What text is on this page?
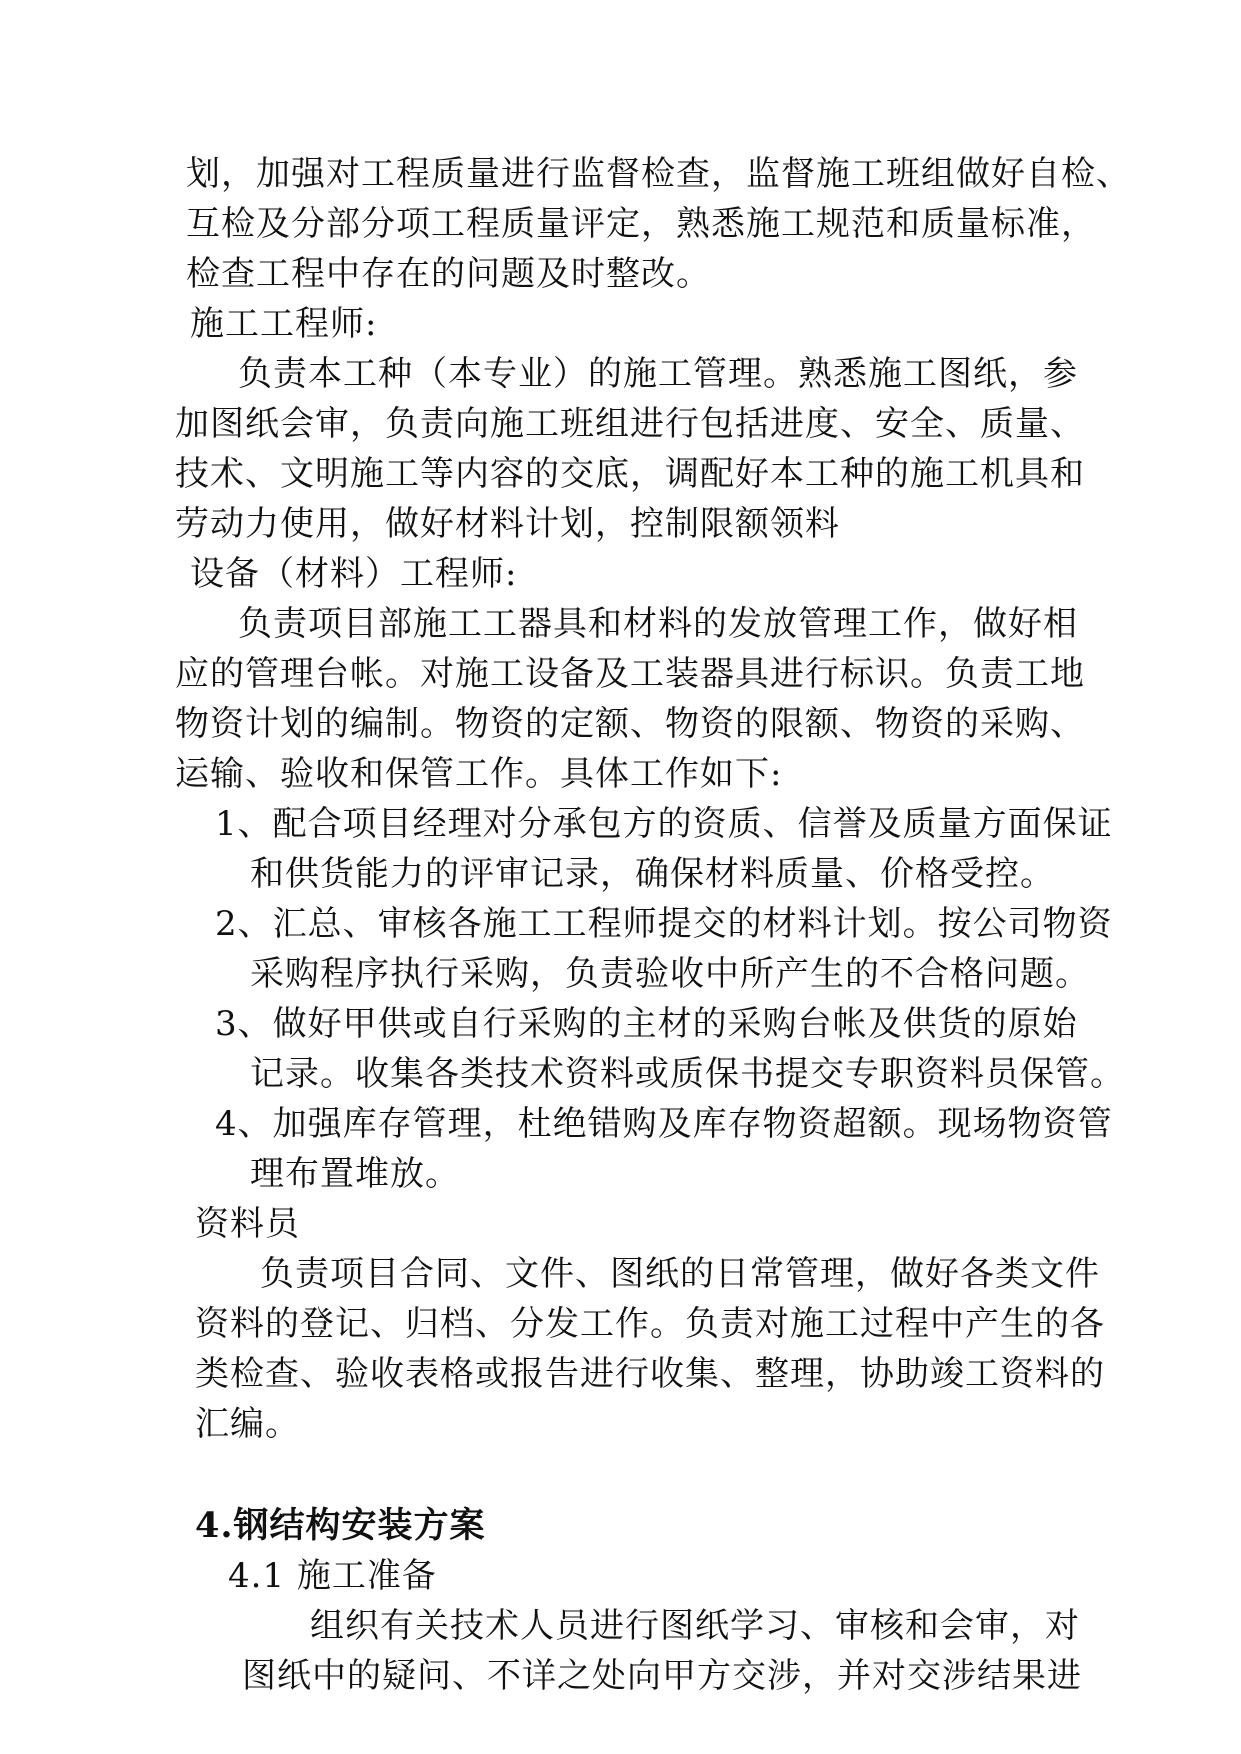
划，加强对工程质量进行监督检查，监督施工班组做好自检、
互检及分部分项工程质量评定，熟悉施工规范和质量标准，
检查工程中存在的问题及时整改。
施工工程师:
负责本工种（本专业）的施工管理。熟悉施工图纸，参
加图纸会审，负责向施工班组进行包括进度、安全、质量、
技术、文明施工等内容的交底，调配好本工种的施工机具和
劳动力使用，做好材料计划，控制限额领料
设备（材料）工程师:
负责项目部施工工器具和材料的发放管理工作，做好相
应的管理台帐。对施工设备及工装器具进行标识。负责工地
物资计划的编制。物资的定额、物资的限额、物资的采购、
运输、验收和保管工作。具体工作如下:
1、配合项目经理对分承包方的资质、信誉及质量方面保证
和供货能力的评审记录，确保材料质量、价格受控。
2、汇总、审核各施工工程师提交的材料计划。按公司物资
采购程序执行采购，负责验收中所产生的不合格问题。
3、做好甲供或自行采购的主材的采购台帐及供货的原始
记录。收集各类技术资料或质保书提交专职资料员保管。
4、加强库存管理，杜绝错购及库存物资超额。现场物资管
理布置堆放。
资料员
负责项目合同、文件、图纸的日常管理，做好各类文件
资料的登记、归档、分发工作。负责对施工过程中产生的各
类检查、验收表格或报告进行收集、整理，协助竣工资料的
汇编。
4.钢结构安装方案
4.1 施工准备
组织有关技术人员进行图纸学习、审核和会审，对
图纸中的疑问、不详之处向甲方交涉，并对交涉结果进
